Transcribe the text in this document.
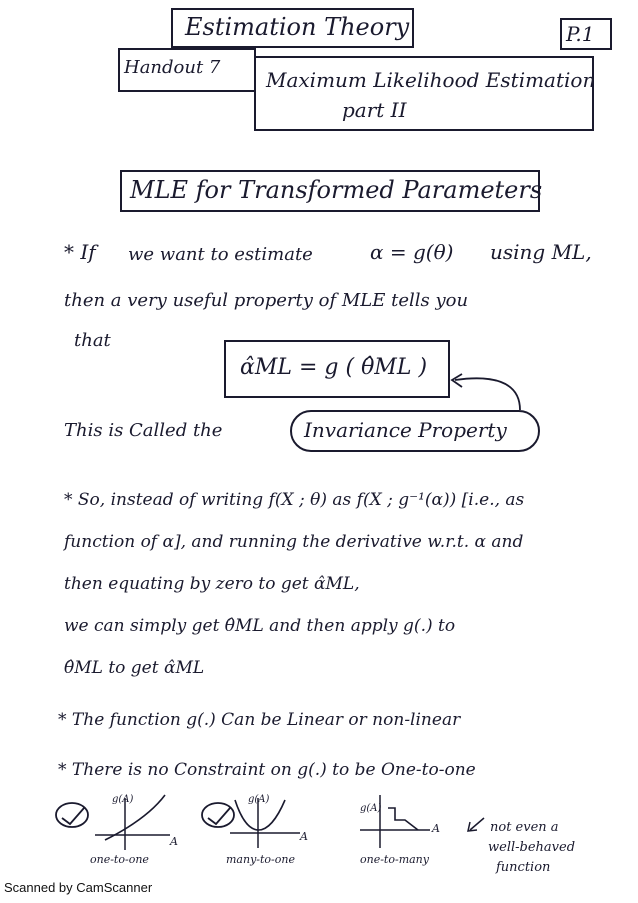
Estimation Theory	P.1
Handout 7
Maximum Likelihood Estimation
part II
MLE for Transformed Parameters
* If we want to estimate	α = g(θ) using ML,
then a very useful property of MLE tells you
that
α̂ML = g ( θ̂ML )
This is Called the	Invariance Property
* So, instead of writing f(X ; θ) as f(X ; g⁻¹(α)) [i.e., as
function of α], and running the derivative w.r.t. α and
then equating by zero to get α̂ML,
we can simply get θ̂ML and then apply g(.) to
θ̂ML to get α̂ML
* The function g(.) Can be Linear or non-linear
* There is no Constraint on g(.) to be One-to-one
g(A)
A
one-to-one
g(A)
A
many-to-one
g(A)
A
one-to-many
not even a
well-behaved
function
Scanned by CamScanner
